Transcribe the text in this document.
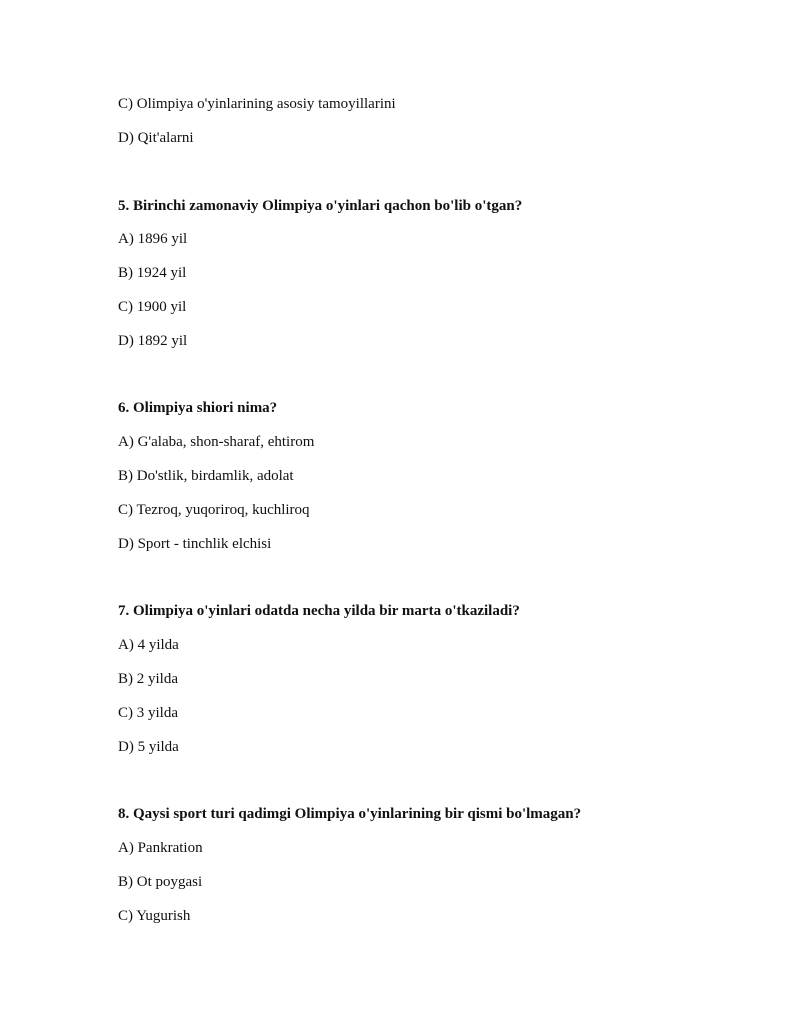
C) Olimpiya o'yinlarining asosiy tamoyillarini
D) Qit'alarni
5. Birinchi zamonaviy Olimpiya o'yinlari qachon bo'lib o'tgan?
A) 1896 yil
B) 1924 yil
C) 1900 yil
D) 1892 yil
6. Olimpiya shiori nima?
A) G'alaba, shon-sharaf, ehtirom
B) Do'stlik, birdamlik, adolat
C) Tezroq, yuqoriroq, kuchliroq
D) Sport - tinchlik elchisi
7. Olimpiya o'yinlari odatda necha yilda bir marta o'tkaziladi?
A) 4 yilda
B) 2 yilda
C) 3 yilda
D) 5 yilda
8. Qaysi sport turi qadimgi Olimpiya o'yinlarining bir qismi bo'lmagan?
A) Pankration
B) Ot poygasi
C) Yugurish
